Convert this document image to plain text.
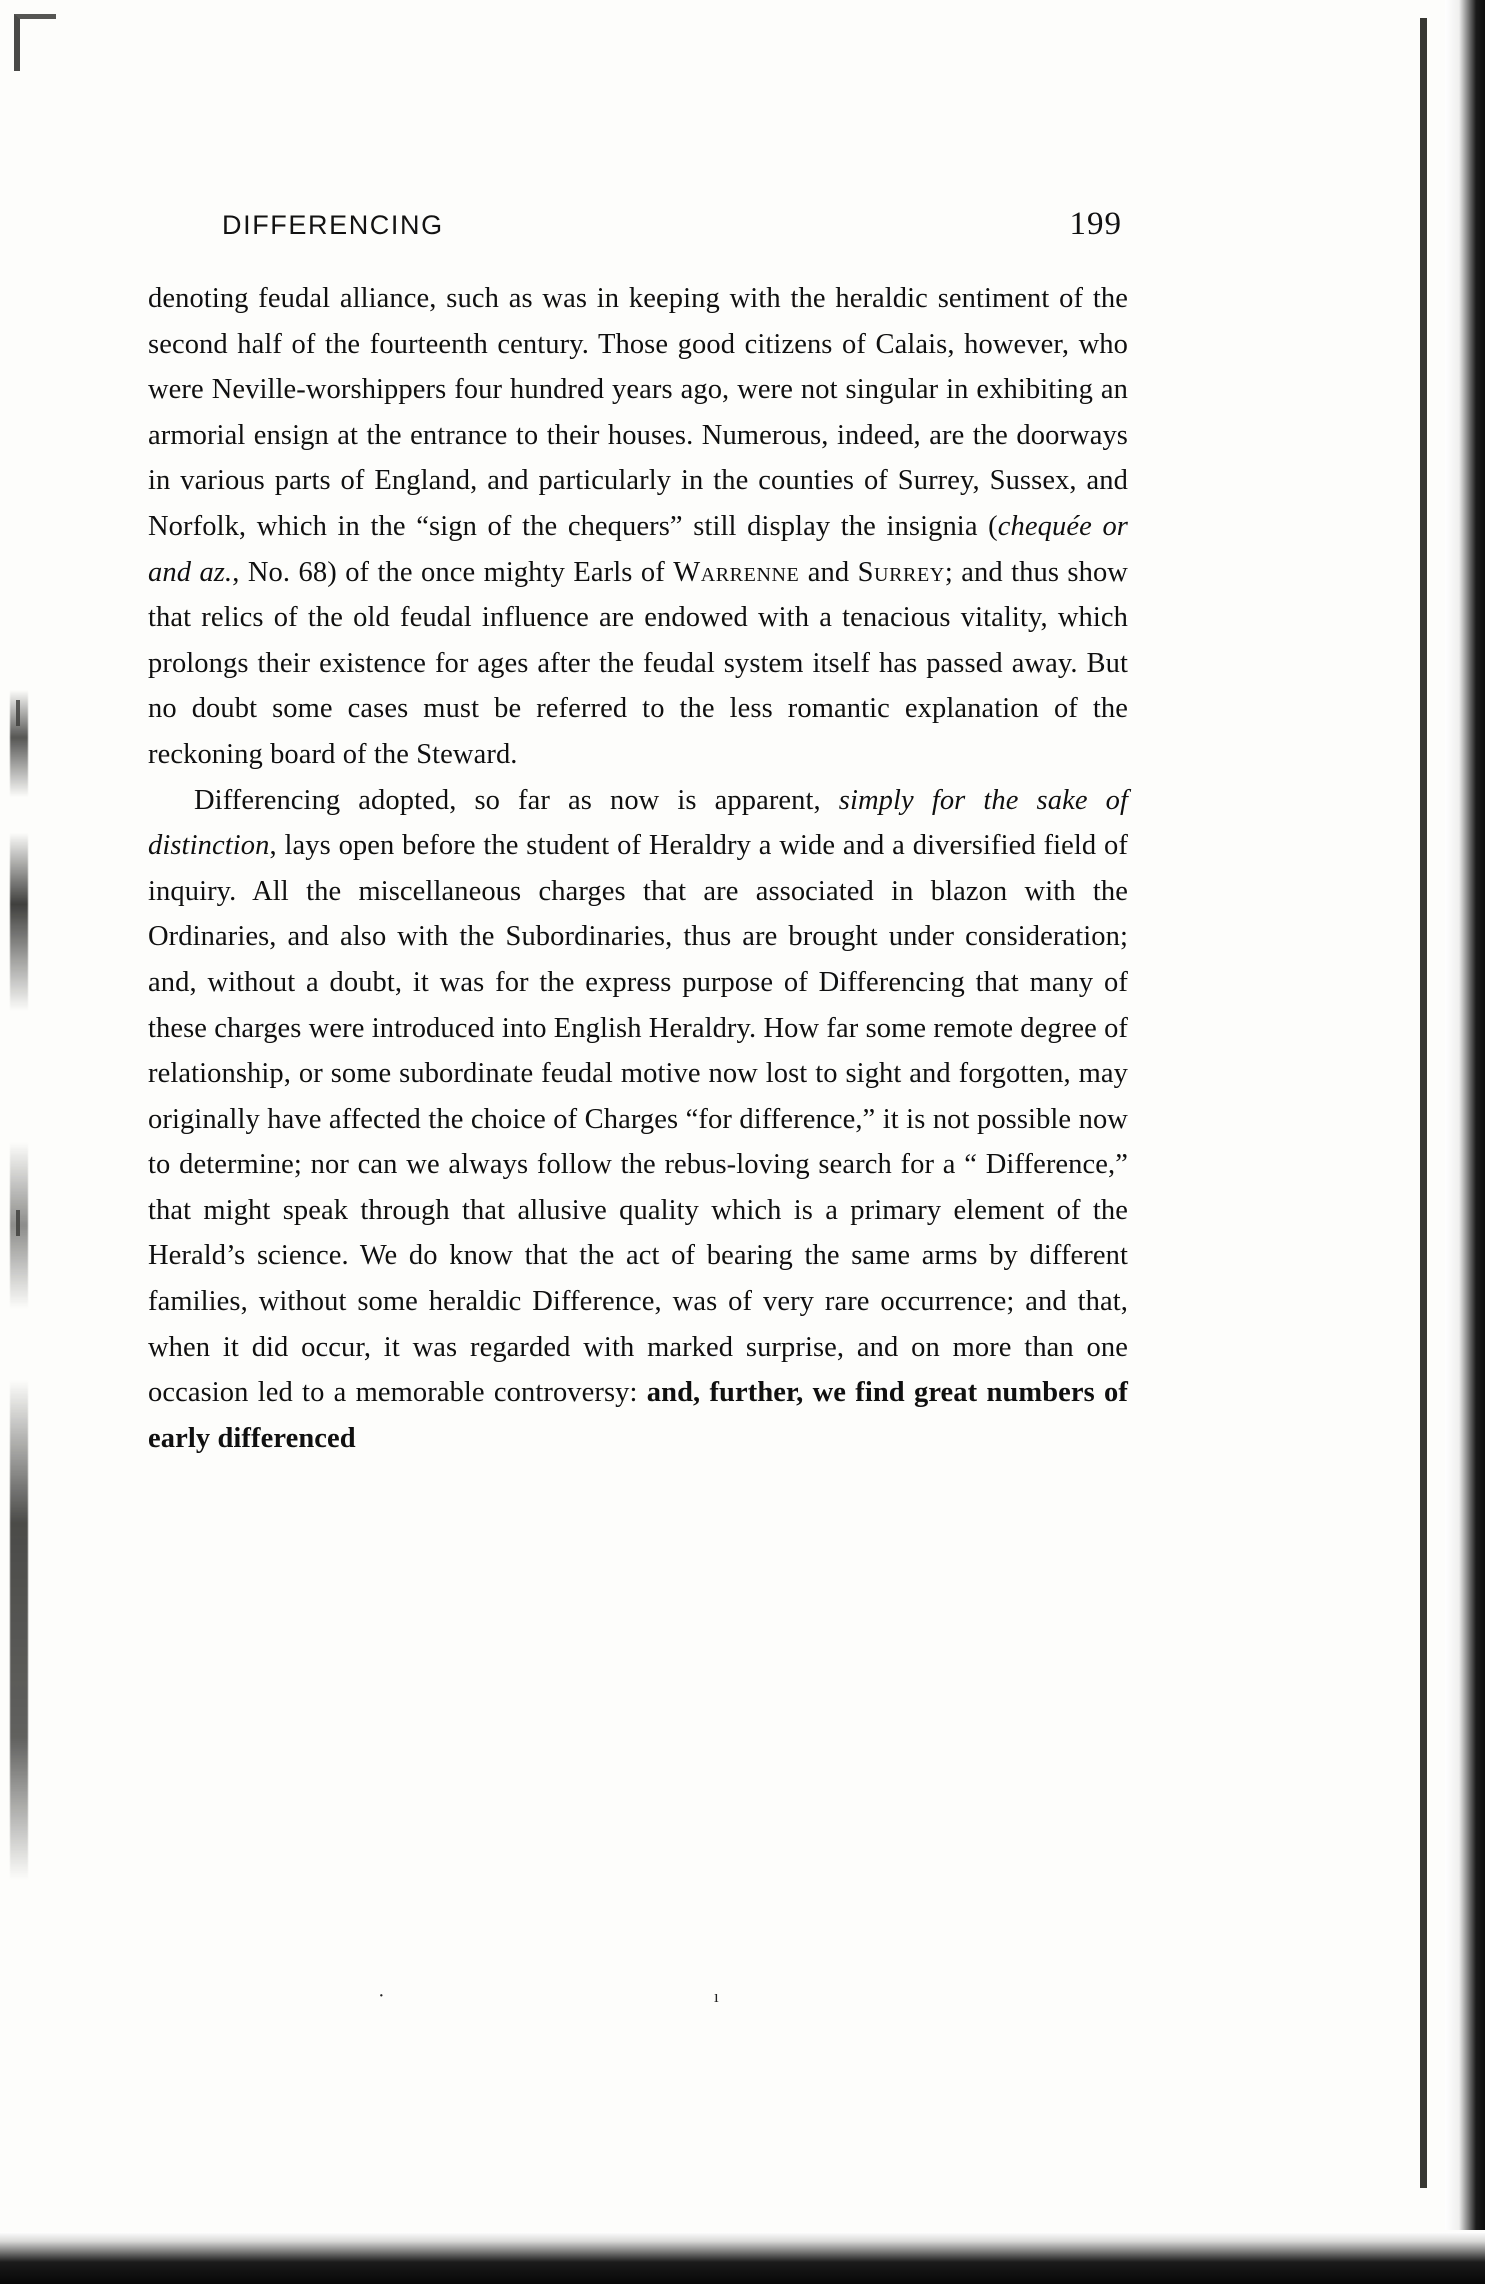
DIFFERENCING	199

denoting feudal alliance, such as was in keeping with the heraldic sentiment of the second half of the fourteenth century. Those good citizens of Calais, however, who were Neville-worshippers four hundred years ago, were not singular in exhibiting an armorial ensign at the entrance to their houses. Numerous, indeed, are the doorways in various parts of England, and particularly in the counties of Surrey, Sussex, and Norfolk, which in the “sign of the chequers” still display the insignia (chequée or and az., No. 68) of the once mighty Earls of Warrenne and Surrey; and thus show that relics of the old feudal influence are endowed with a tenacious vitality, which prolongs their existence for ages after the feudal system itself has passed away. But no doubt some cases must be referred to the less romantic explanation of the reckoning board of the Steward.

Differencing adopted, so far as now is apparent, simply for the sake of distinction, lays open before the student of Heraldry a wide and a diversified field of inquiry. All the miscellaneous charges that are associated in blazon with the Ordinaries, and also with the Subordinaries, thus are brought under consideration; and, without a doubt, it was for the express purpose of Differencing that many of these charges were introduced into English Heraldry. How far some remote degree of relationship, or some subordinate feudal motive now lost to sight and forgotten, may originally have affected the choice of Charges “for difference,” it is not possible now to determine; nor can we always follow the rebus-loving search for a “ Difference,” that might speak through that allusive quality which is a primary element of the Herald’s science. We do know that the act of bearing the same arms by different families, without some heraldic Difference, was of very rare occurrence; and that, when it did occur, it was regarded with marked surprise, and on more than one occasion led to a memorable controversy: and, further, we find great numbers of early differenced

·	ı
